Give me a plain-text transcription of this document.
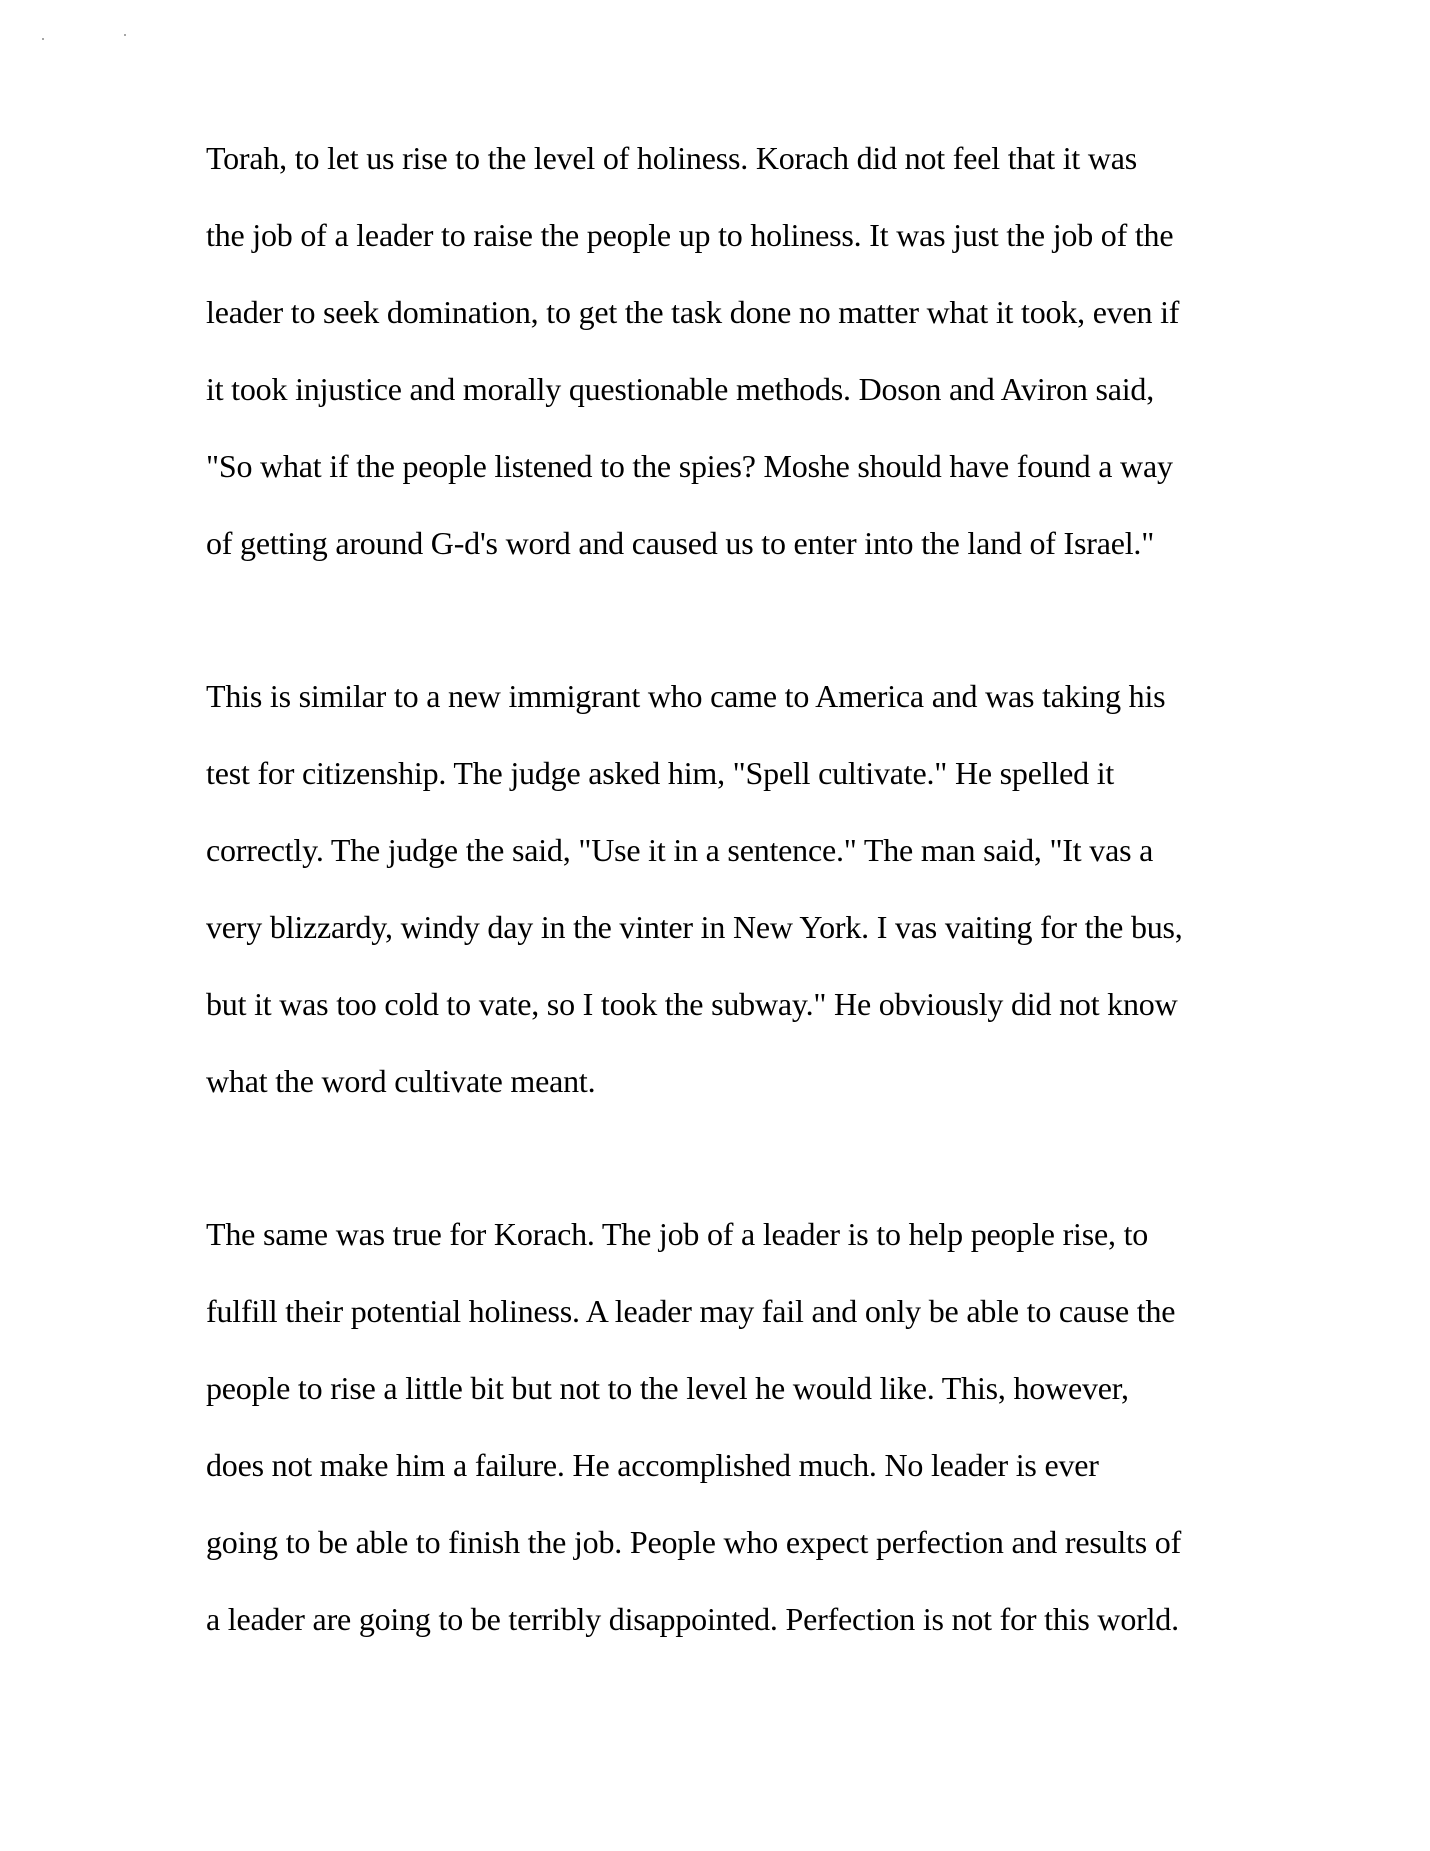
Torah, to let us rise to the level of holiness. Korach did not feel that it was
the job of a leader to raise the people up to holiness. It was just the job of the
leader to seek domination, to get the task done no matter what it took, even if
it took injustice and morally questionable methods. Doson and Aviron said,
"So what if the people listened to the spies? Moshe should have found a way
of getting around G-d's word and caused us to enter into the land of Israel."
This is similar to a new immigrant who came to America and was taking his
test for citizenship. The judge asked him, "Spell cultivate." He spelled it
correctly. The judge the said, "Use it in a sentence." The man said, "It vas a
very blizzardy, windy day in the vinter in New York. I vas vaiting for the bus,
but it was too cold to vate, so I took the subway." He obviously did not know
what the word cultivate meant.
The same was true for Korach. The job of a leader is to help people rise, to
fulfill their potential holiness. A leader may fail and only be able to cause the
people to rise a little bit but not to the level he would like. This, however,
does not make him a failure. He accomplished much. No leader is ever
going to be able to finish the job. People who expect perfection and results of
a leader are going to be terribly disappointed. Perfection is not for this world.
